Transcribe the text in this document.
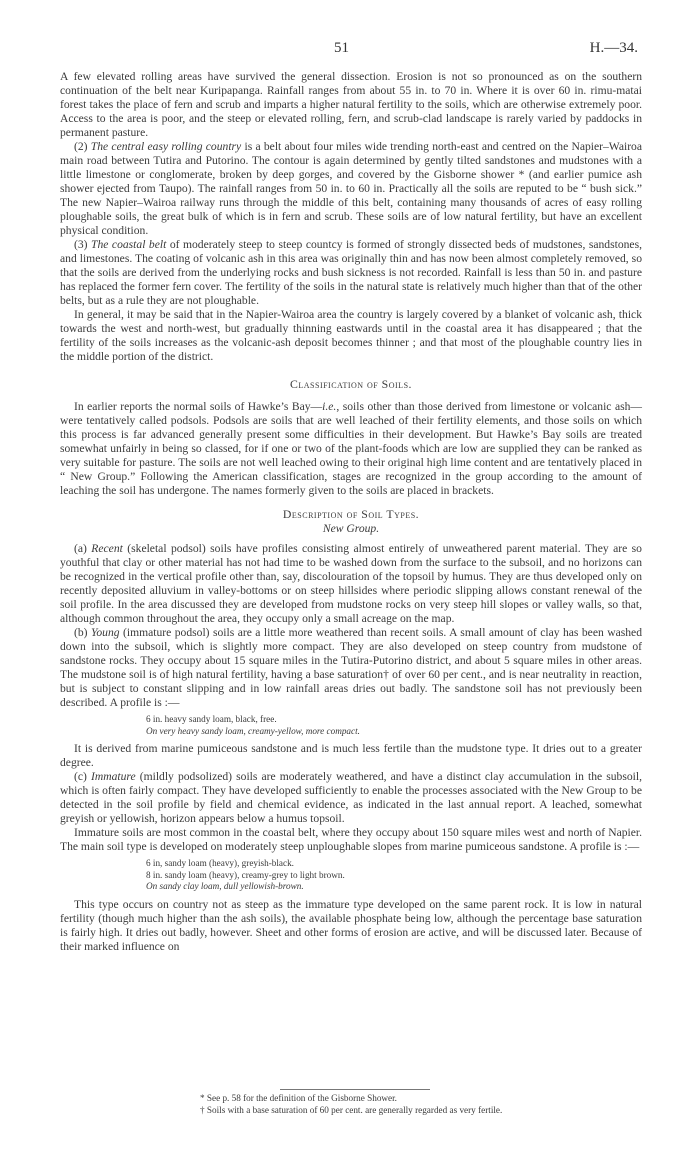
51	H.—34.

A few elevated rolling areas have survived the general dissection. Erosion is not so pronounced as on the southern continuation of the belt near Kuripapanga. Rainfall ranges from about 55 in. to 70 in. Where it is over 60 in. rimu-matai forest takes the place of fern and scrub and imparts a higher natural fertility to the soils, which are otherwise extremely poor. Access to the area is poor, and the steep or elevated rolling, fern, and scrub-clad landscape is rarely varied by paddocks in permanent pasture.

(2) The central easy rolling country is a belt about four miles wide trending north-east and centred on the Napier–Wairoa main road between Tutira and Putorino. The contour is again determined by gently tilted sandstones and mudstones with a little limestone or conglomerate, broken by deep gorges, and covered by the Gisborne shower * (and earlier pumice ash shower ejected from Taupo). The rainfall ranges from 50 in. to 60 in. Practically all the soils are reputed to be “ bush sick.” The new Napier–Wairoa railway runs through the middle of this belt, containing many thousands of acres of easy rolling ploughable soils, the great bulk of which is in fern and scrub. These soils are of low natural fertility, but have an excellent physical condition.

(3) The coastal belt of moderately steep to steep countcy is formed of strongly dissected beds of mudstones, sandstones, and limestones. The coating of volcanic ash in this area was originally thin and has now been almost completely removed, so that the soils are derived from the underlying rocks and bush sickness is not recorded. Rainfall is less than 50 in. and pasture has replaced the former fern cover. The fertility of the soils in the natural state is relatively much higher than that of the other belts, but as a rule they are not ploughable.

In general, it may be said that in the Napier-Wairoa area the country is largely covered by a blanket of volcanic ash, thick towards the west and north-west, but gradually thinning eastwards until in the coastal area it has disappeared ; that the fertility of the soils increases as the volcanic-ash deposit becomes thinner ; and that most of the ploughable country lies in the middle portion of the district.

Classification of Soils.

In earlier reports the normal soils of Hawke’s Bay—i.e., soils other than those derived from limestone or volcanic ash—were tentatively called podsols. Podsols are soils that are well leached of their fertility elements, and those soils on which this process is far advanced generally present some difficulties in their development. But Hawke’s Bay soils are treated somewhat unfairly in being so classed, for if one or two of the plant-foods which are low are supplied they can be ranked as very suitable for pasture. The soils are not well leached owing to their original high lime content and are tentatively placed in “ New Group.” Following the American classification, stages are recognized in the group according to the amount of leaching the soil has undergone. The names formerly given to the soils are placed in brackets.

Description of Soil Types.
New Group.

(a) Recent (skeletal podsol) soils have profiles consisting almost entirely of unweathered parent material. They are so youthful that clay or other material has not had time to be washed down from the surface to the subsoil, and no horizons can be recognized in the vertical profile other than, say, discolouration of the topsoil by humus. They are thus developed only on recently deposited alluvium in valley-bottoms or on steep hillsides where periodic slipping allows constant renewal of the soil profile. In the area discussed they are developed from mudstone rocks on very steep hill slopes or valley walls, so that, although common throughout the area, they occupy only a small acreage on the map.

(b) Young (immature podsol) soils are a little more weathered than recent soils. A small amount of clay has been washed down into the subsoil, which is slightly more compact. They are also developed on steep country from mudstone of sandstone rocks. They occupy about 15 square miles in the Tutira-Putorino district, and about 5 square miles in other areas. The mudstone soil is of high natural fertility, having a base saturation† of over 60 per cent., and is near neutrality in reaction, but is subject to constant slipping and in low rainfall areas dries out badly. The sandstone soil has not previously been described. A profile is :—

6 in. heavy sandy loam, black, free.
On very heavy sandy loam, creamy-yellow, more compact.

It is derived from marine pumiceous sandstone and is much less fertile than the mudstone type. It dries out to a greater degree.

(c) Immature (mildly podsolized) soils are moderately weathered, and have a distinct clay accumulation in the subsoil, which is often fairly compact. They have developed sufficiently to enable the processes associated with the New Group to be detected in the soil profile by field and chemical evidence, as indicated in the last annual report. A leached, somewhat greyish or yellowish, horizon appears below a humus topsoil.

Immature soils are most common in the coastal belt, where they occupy about 150 square miles west and north of Napier. The main soil type is developed on moderately steep unploughable slopes from marine pumiceous sandstone. A profile is :—

6 in, sandy loam (heavy), greyish-black.
8 in. sandy loam (heavy), creamy-grey to light brown.
On sandy clay loam, dull yellowish-brown.

This type occurs on country not as steep as the immature type developed on the same parent rock. It is low in natural fertility (though much higher than the ash soils), the available phosphate being low, although the percentage base saturation is fairly high. It dries out badly, however. Sheet and other forms of erosion are active, and will be discussed later. Because of their marked influence on

* See p. 58 for the definition of the Gisborne Shower.
† Soils with a base saturation of 60 per cent. are generally regarded as very fertile.
